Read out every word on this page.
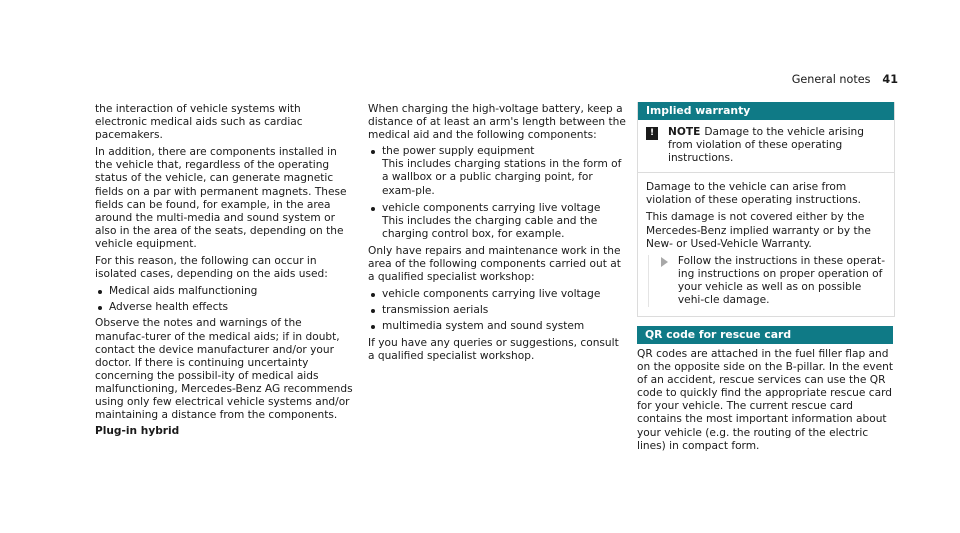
General notes 41

the interaction of vehicle systems with electronic medical aids such as cardiac pacemakers.

In addition, there are components installed in the vehicle that, regardless of the operating status of the vehicle, can generate magnetic fields on a par with permanent magnets. These fields can be found, for example, in the area around the multi-media and sound system or also in the area of the seats, depending on the vehicle equipment.

For this reason, the following can occur in isolated cases, depending on the aids used:

Medical aids malfunctioning
Adverse health effects

Observe the notes and warnings of the manufac-turer of the medical aids; if in doubt, contact the device manufacturer and/or your doctor. If there is continuing uncertainty concerning the possibil-ity of medical aids malfunctioning, Mercedes-Benz AG recommends using only few electrical vehicle systems and/or maintaining a distance from the components.

Plug-in hybrid

When charging the high-voltage battery, keep a distance of at least an arm's length between the medical aid and the following components:

the power supply equipment

This includes charging stations in the form of a wallbox or a public charging point, for exam-ple.

vehicle components carrying live voltage

This includes the charging cable and the charging control box, for example.

Only have repairs and maintenance work in the area of the following components carried out at a qualified specialist workshop:

vehicle components carrying live voltage
transmission aerials
multimedia system and sound system

If you have any queries or suggestions, consult a qualified specialist workshop.

Implied warranty
!	NOTE Damage to the vehicle arising from violation of these operating instructions.

Damage to the vehicle can arise from violation of these operating instructions.

This damage is not covered either by the Mercedes-Benz implied warranty or by the New- or Used-Vehicle Warranty.

Follow the instructions in these operat-ing instructions on proper operation of your vehicle as well as on possible vehi-cle damage.
QR code for rescue card
QR codes are attached in the fuel filler flap and on the opposite side on the B-pillar. In the event of an accident, rescue services can use the QR code to quickly find the appropriate rescue card for your vehicle. The current rescue card contains the most important information about your vehicle (e.g. the routing of the electric lines) in compact form.
